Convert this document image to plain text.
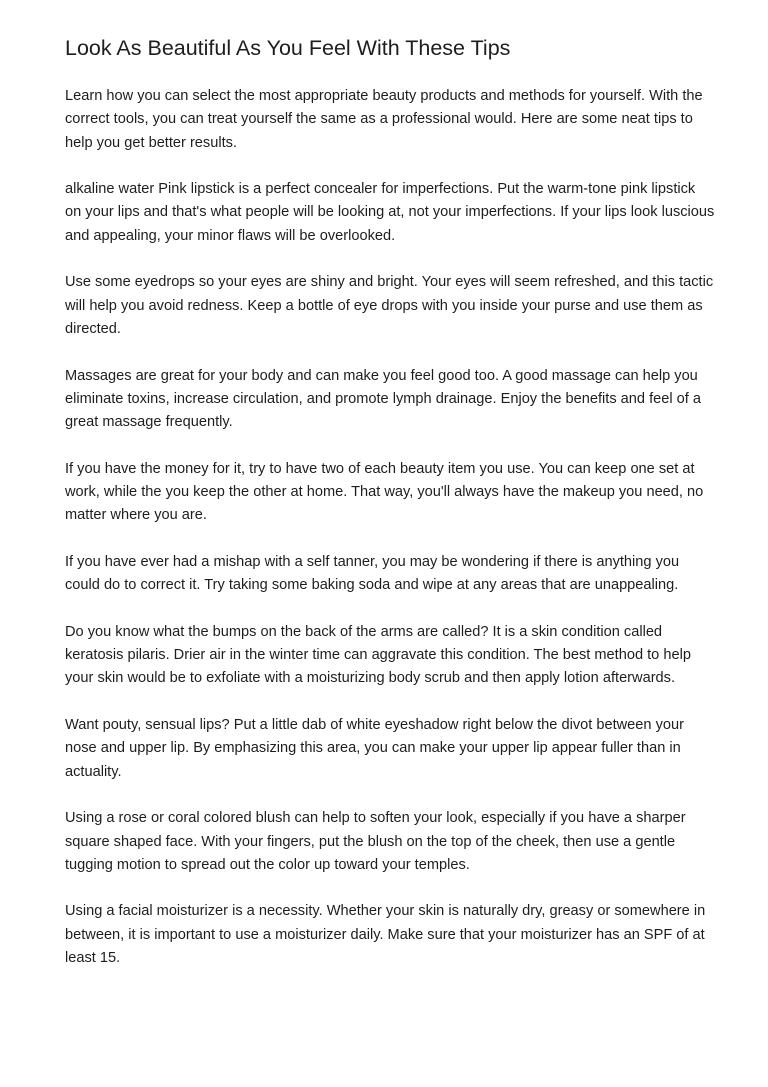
Look As Beautiful As You Feel With These Tips

Learn how you can select the most appropriate beauty products and methods for yourself. With the correct tools, you can treat yourself the same as a professional would. Here are some neat tips to help you get better results.

alkaline water Pink lipstick is a perfect concealer for imperfections. Put the warm-tone pink lipstick on your lips and that's what people will be looking at, not your imperfections. If your lips look luscious and appealing, your minor flaws will be overlooked.

Use some eyedrops so your eyes are shiny and bright. Your eyes will seem refreshed, and this tactic will help you avoid redness. Keep a bottle of eye drops with you inside your purse and use them as directed.

Massages are great for your body and can make you feel good too. A good massage can help you eliminate toxins, increase circulation, and promote lymph drainage. Enjoy the benefits and feel of a great massage frequently.

If you have the money for it, try to have two of each beauty item you use. You can keep one set at work, while the you keep the other at home. That way, you'll always have the makeup you need, no matter where you are.

If you have ever had a mishap with a self tanner, you may be wondering if there is anything you could do to correct it. Try taking some baking soda and wipe at any areas that are unappealing.

Do you know what the bumps on the back of the arms are called? It is a skin condition called keratosis pilaris. Drier air in the winter time can aggravate this condition. The best method to help your skin would be to exfoliate with a moisturizing body scrub and then apply lotion afterwards.

Want pouty, sensual lips? Put a little dab of white eyeshadow right below the divot between your nose and upper lip. By emphasizing this area, you can make your upper lip appear fuller than in actuality.

Using a rose or coral colored blush can help to soften your look, especially if you have a sharper square shaped face. With your fingers, put the blush on the top of the cheek, then use a gentle tugging motion to spread out the color up toward your temples.

Using a facial moisturizer is a necessity. Whether your skin is naturally dry, greasy or somewhere in between, it is important to use a moisturizer daily. Make sure that your moisturizer has an SPF of at least 15.
